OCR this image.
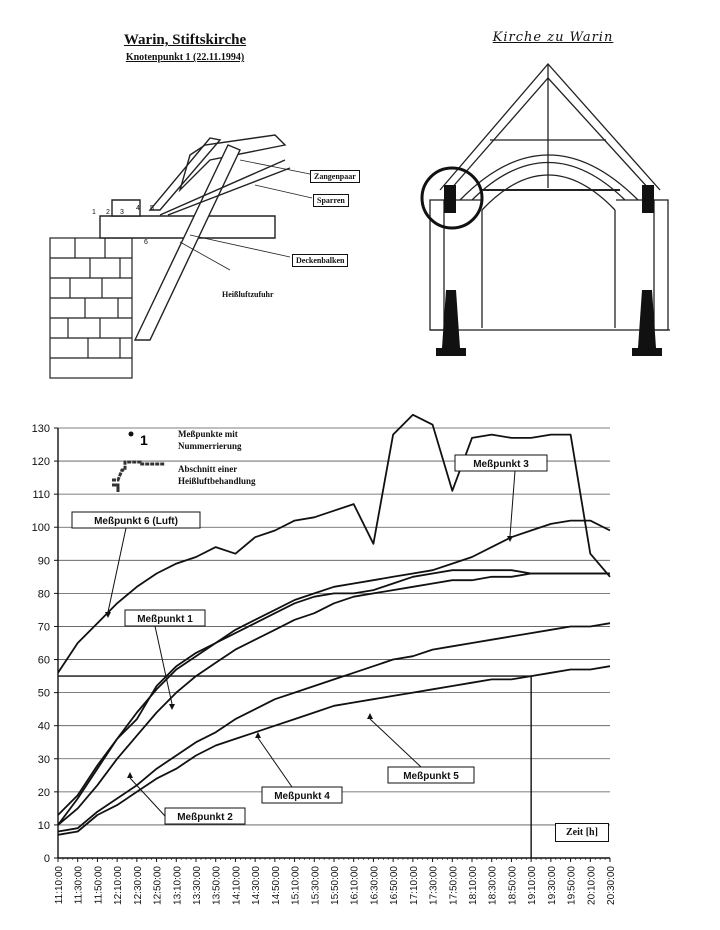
Warin, Stiftskirche
Knotenpunkt 1 (22.11.1994)
Kirche zu Warin
1 2 3
4 5
6
Zangenpaar
Sparren
Deckenbalken
Heißluftzufuhr
0
10
20
30
40
50
60
70
80
90
100
110
120
130
11:10:00 11:30:00 11:50:00 12:10:00 12:30:00 12:50:00 13:10:00 13:30:00 13:50:00 14:10:00 14:30:00 14:50:00 15:10:00 15:30:00 15:50:00 16:10:00 16:30:00 16:50:00 17:10:00 17:30:00 17:50:00 18:10:00 18:30:00 18:50:00 19:10:00 19:30:00 19:50:00 20:10:00 20:30:00
1
Meßpunkt 6 (Luft)
Meßpunkt 3
Meßpunkt 1
Meßpunkt 2
Meßpunkt 4
Meßpunkt 5
Meßpunkte mit Nummerrierung
Abschnitt einer Heißluftbehandlung
Zeit [h]
